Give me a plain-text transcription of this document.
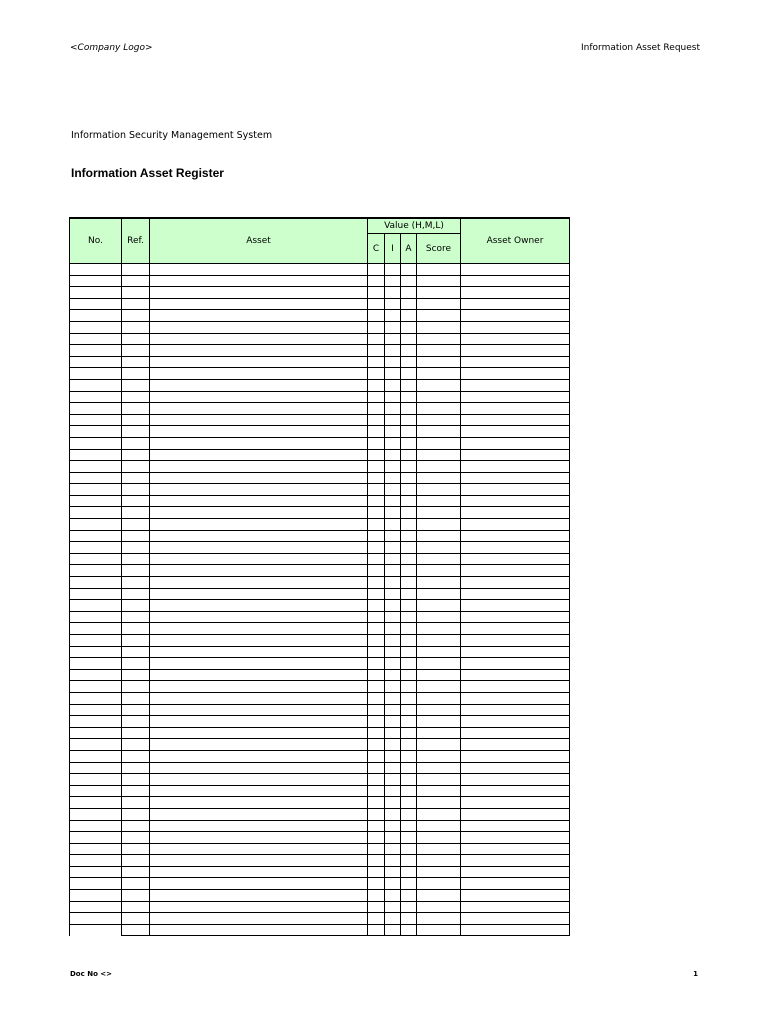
<Company Logo>	Information Asset Request
Information Security Management System
Information Asset Register
No.	Ref.	Asset	Value (H,M,L)				Asset Owner
			C	I	A	Score	

Doc No <>	1
